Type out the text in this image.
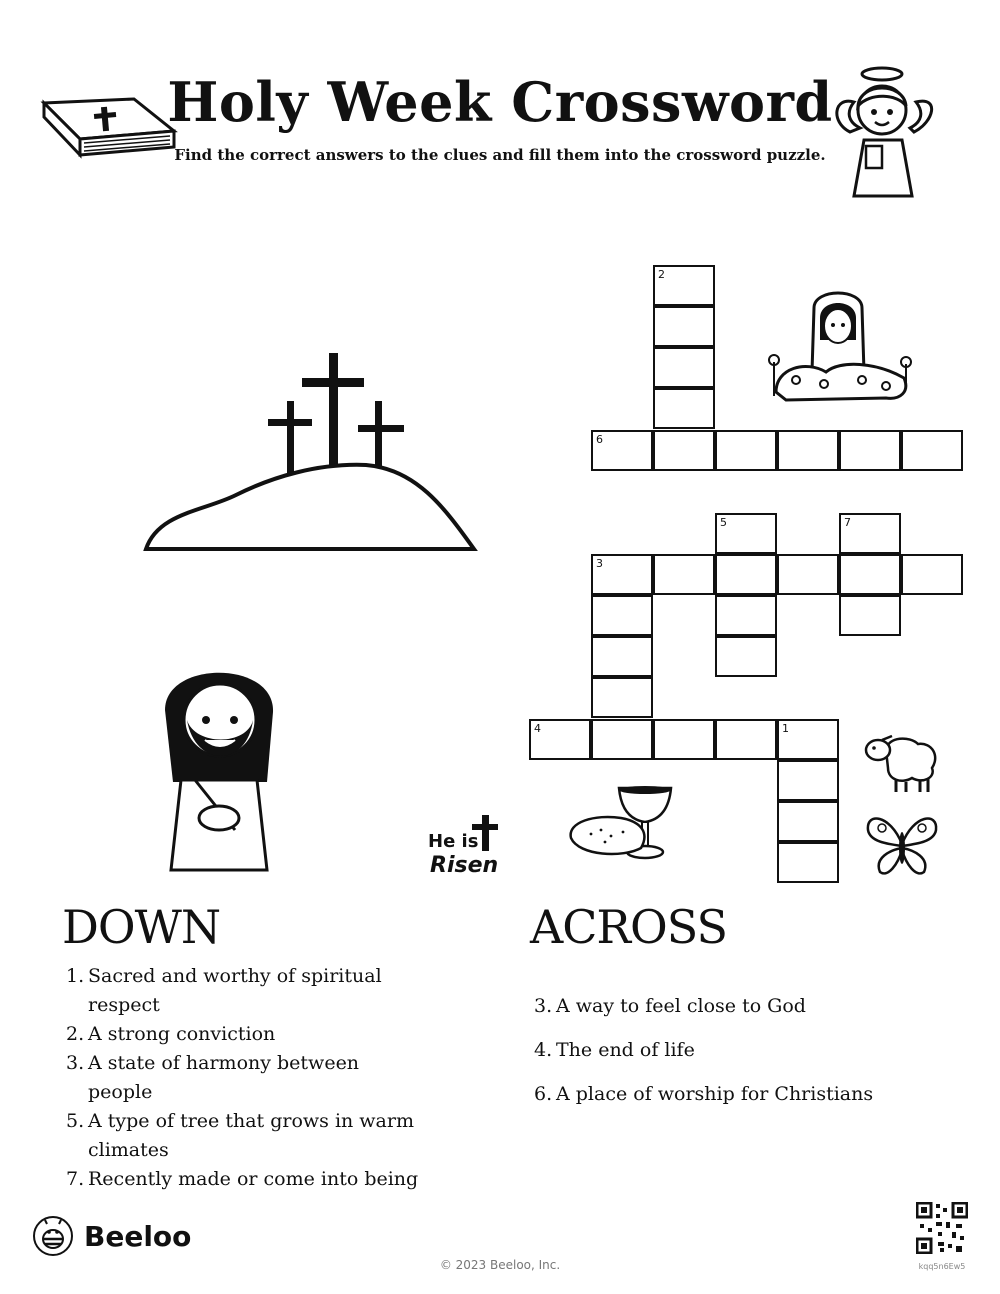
Holy Week Crossword
Find the correct answers to the clues and fill them into the crossword puzzle.
2
6
5	7
3
4	1
He is
Risen
DOWN
1. Sacred and worthy of spiritual respect
2. A strong conviction
3. A state of harmony between people
5. A type of tree that grows in warm climates
7. Recently made or come into being
ACROSS
3. A way to feel close to God
4. The end of life
6. A place of worship for Christians
Beeloo
© 2023 Beeloo, Inc.	kqq5n6Ew5
